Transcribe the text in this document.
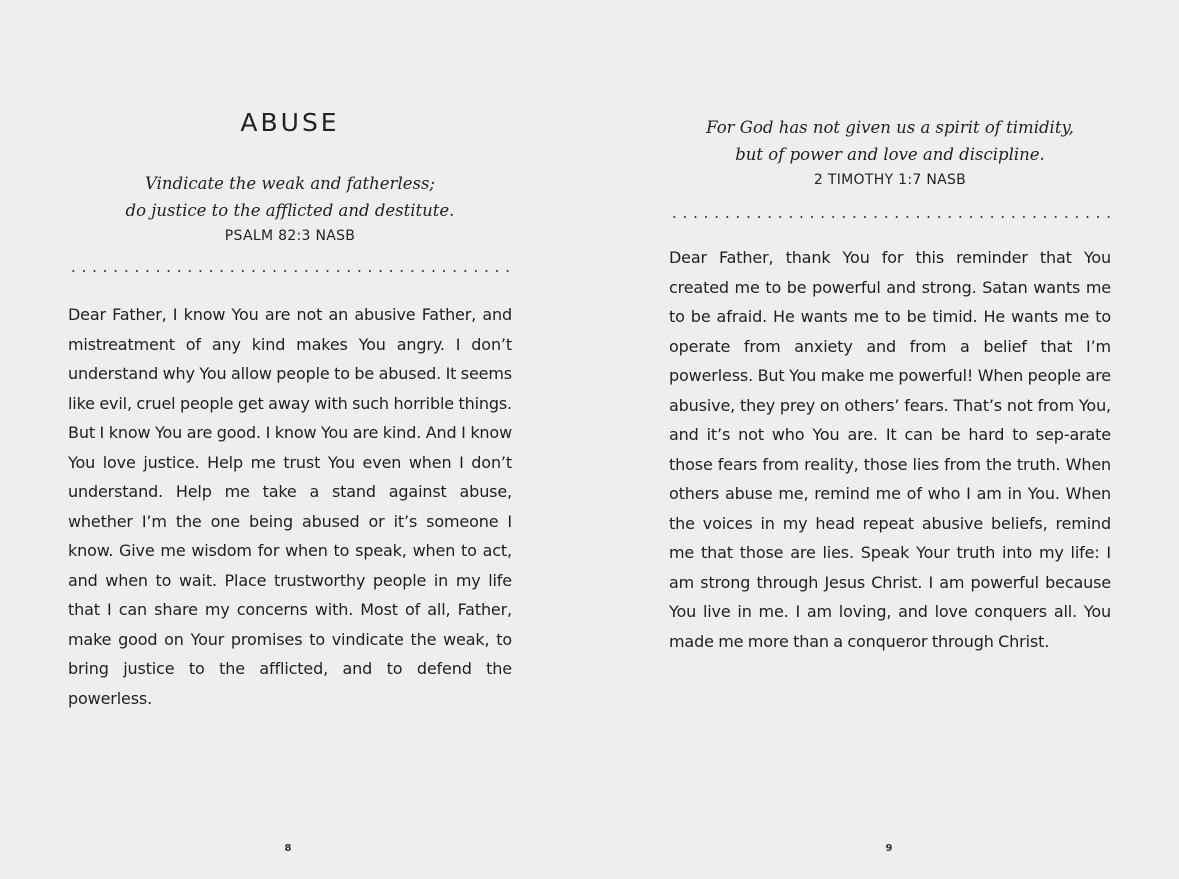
ABUSE
Vindicate the weak and fatherless;
do justice to the afflicted and destitute.
PSALM 82:3 NASB

Dear Father, I know You are not an abusive Father, and mistreatment of any kind makes You angry. I don’t understand why You allow people to be abused. It seems like evil, cruel people get away with such horrible things. But I know You are good. I know You are kind. And I know You love justice. Help me trust You even when I don’t understand. Help me take a stand against abuse, whether I’m the one being abused or it’s someone I know. Give me wisdom for when to speak, when to act, and when to wait. Place trustworthy people in my life that I can share my concerns with. Most of all, Father, make good on Your promises to vindicate the weak, to bring justice to the afflicted, and to defend the powerless.

8
For God has not given us a spirit of timidity,
but of power and love and discipline.
2 TIMOTHY 1:7 NASB

Dear Father, thank You for this reminder that You created me to be powerful and strong. Satan wants me to be afraid. He wants me to be timid. He wants me to operate from anxiety and from a belief that I’m powerless. But You make me powerful! When people are abusive, they prey on others’ fears. That’s not from You, and it’s not who You are. It can be hard to sep-arate those fears from reality, those lies from the truth. When others abuse me, remind me of who I am in You. When the voices in my head repeat abusive beliefs, remind me that those are lies. Speak Your truth into my life: I am strong through Jesus Christ. I am powerful because You live in me. I am loving, and love conquers all. You made me more than a conqueror through Christ.

9
